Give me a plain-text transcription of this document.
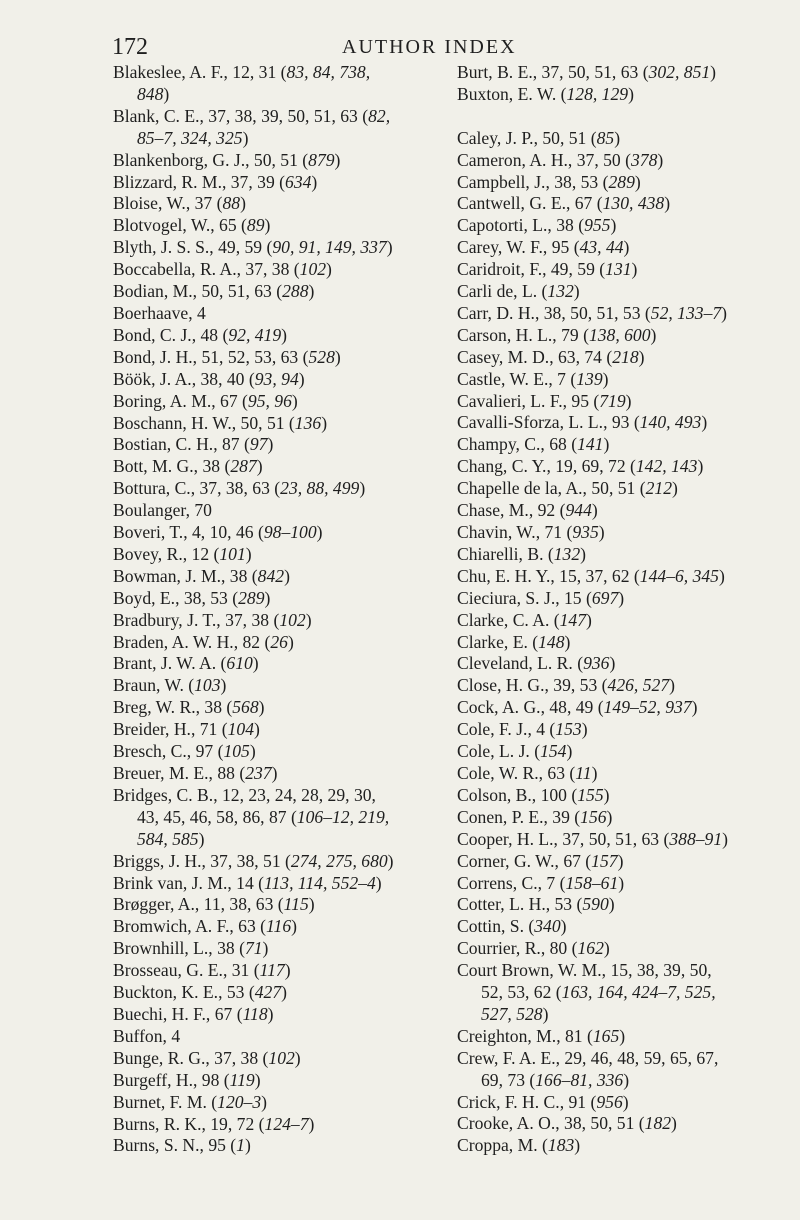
172	AUTHOR INDEX
Blakeslee, A. F., 12, 31 (83, 84, 738,
848)
Blank, C. E., 37, 38, 39, 50, 51, 63 (82,
85–7, 324, 325)
Blankenborg, G. J., 50, 51 (879)
Blizzard, R. M., 37, 39 (634)
Bloise, W., 37 (88)
Blotvogel, W., 65 (89)
Blyth, J. S. S., 49, 59 (90, 91, 149, 337)
Boccabella, R. A., 37, 38 (102)
Bodian, M., 50, 51, 63 (288)
Boerhaave, 4
Bond, C. J., 48 (92, 419)
Bond, J. H., 51, 52, 53, 63 (528)
Böök, J. A., 38, 40 (93, 94)
Boring, A. M., 67 (95, 96)
Boschann, H. W., 50, 51 (136)
Bostian, C. H., 87 (97)
Bott, M. G., 38 (287)
Bottura, C., 37, 38, 63 (23, 88, 499)
Boulanger, 70
Boveri, T., 4, 10, 46 (98–100)
Bovey, R., 12 (101)
Bowman, J. M., 38 (842)
Boyd, E., 38, 53 (289)
Bradbury, J. T., 37, 38 (102)
Braden, A. W. H., 82 (26)
Brant, J. W. A. (610)
Braun, W. (103)
Breg, W. R., 38 (568)
Breider, H., 71 (104)
Bresch, C., 97 (105)
Breuer, M. E., 88 (237)
Bridges, C. B., 12, 23, 24, 28, 29, 30,
43, 45, 46, 58, 86, 87 (106–12, 219,
584, 585)
Briggs, J. H., 37, 38, 51 (274, 275, 680)
Brink van, J. M., 14 (113, 114, 552–4)
Brøgger, A., 11, 38, 63 (115)
Bromwich, A. F., 63 (116)
Brownhill, L., 38 (71)
Brosseau, G. E., 31 (117)
Buckton, K. E., 53 (427)
Buechi, H. F., 67 (118)
Buffon, 4
Bunge, R. G., 37, 38 (102)
Burgeff, H., 98 (119)
Burnet, F. M. (120–3)
Burns, R. K., 19, 72 (124–7)
Burns, S. N., 95 (1)
Burt, B. E., 37, 50, 51, 63 (302, 851)
Buxton, E. W. (128, 129)
Caley, J. P., 50, 51 (85)
Cameron, A. H., 37, 50 (378)
Campbell, J., 38, 53 (289)
Cantwell, G. E., 67 (130, 438)
Capotorti, L., 38 (955)
Carey, W. F., 95 (43, 44)
Caridroit, F., 49, 59 (131)
Carli de, L. (132)
Carr, D. H., 38, 50, 51, 53 (52, 133–7)
Carson, H. L., 79 (138, 600)
Casey, M. D., 63, 74 (218)
Castle, W. E., 7 (139)
Cavalieri, L. F., 95 (719)
Cavalli-Sforza, L. L., 93 (140, 493)
Champy, C., 68 (141)
Chang, C. Y., 19, 69, 72 (142, 143)
Chapelle de la, A., 50, 51 (212)
Chase, M., 92 (944)
Chavin, W., 71 (935)
Chiarelli, B. (132)
Chu, E. H. Y., 15, 37, 62 (144–6, 345)
Cieciura, S. J., 15 (697)
Clarke, C. A. (147)
Clarke, E. (148)
Cleveland, L. R. (936)
Close, H. G., 39, 53 (426, 527)
Cock, A. G., 48, 49 (149–52, 937)
Cole, F. J., 4 (153)
Cole, L. J. (154)
Cole, W. R., 63 (11)
Colson, B., 100 (155)
Conen, P. E., 39 (156)
Cooper, H. L., 37, 50, 51, 63 (388–91)
Corner, G. W., 67 (157)
Correns, C., 7 (158–61)
Cotter, L. H., 53 (590)
Cottin, S. (340)
Courrier, R., 80 (162)
Court Brown, W. M., 15, 38, 39, 50,
52, 53, 62 (163, 164, 424–7, 525,
527, 528)
Creighton, M., 81 (165)
Crew, F. A. E., 29, 46, 48, 59, 65, 67,
69, 73 (166–81, 336)
Crick, F. H. C., 91 (956)
Crooke, A. O., 38, 50, 51 (182)
Croppa, M. (183)
